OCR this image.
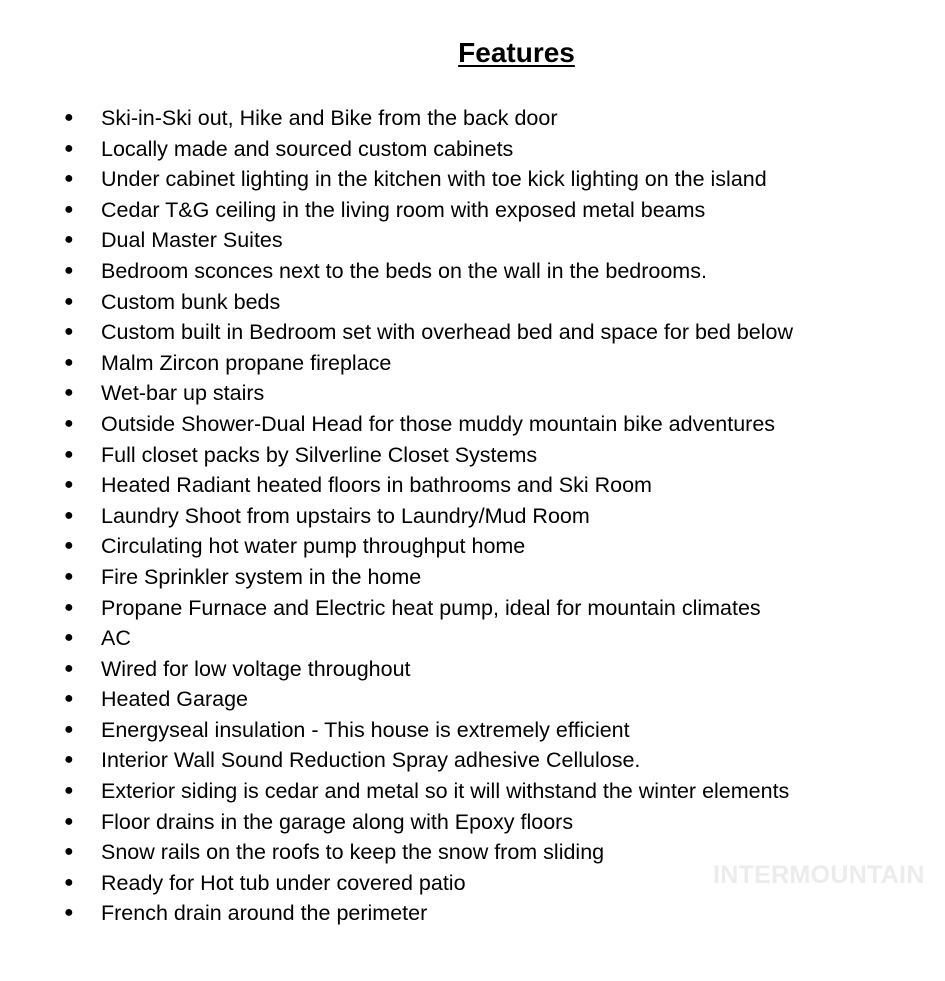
Features
● Ski-in-Ski out, Hike and Bike from the back door
● Locally made and sourced custom cabinets
● Under cabinet lighting in the kitchen with toe kick lighting on the island
● Cedar T&G ceiling in the living room with exposed metal beams
● Dual Master Suites
● Bedroom sconces next to the beds on the wall in the bedrooms.
● Custom bunk beds
● Custom built in Bedroom set with overhead bed and space for bed below
● Malm Zircon propane fireplace
● Wet-bar up stairs
● Outside Shower-Dual Head for those muddy mountain bike adventures
● Full closet packs by Silverline Closet Systems
● Heated Radiant heated floors in bathrooms and Ski Room
● Laundry Shoot from upstairs to Laundry/Mud Room
● Circulating hot water pump throughput home
● Fire Sprinkler system in the home
● Propane Furnace and Electric heat pump, ideal for mountain climates
● AC
● Wired for low voltage throughout
● Heated Garage
● Energyseal insulation - This house is extremely efficient
● Interior Wall Sound Reduction Spray adhesive Cellulose.
● Exterior siding is cedar and metal so it will withstand the winter elements
● Floor drains in the garage along with Epoxy floors
● Snow rails on the roofs to keep the snow from sliding
● Ready for Hot tub under covered patio
● French drain around the perimeter
INTERMOUNTAIN
